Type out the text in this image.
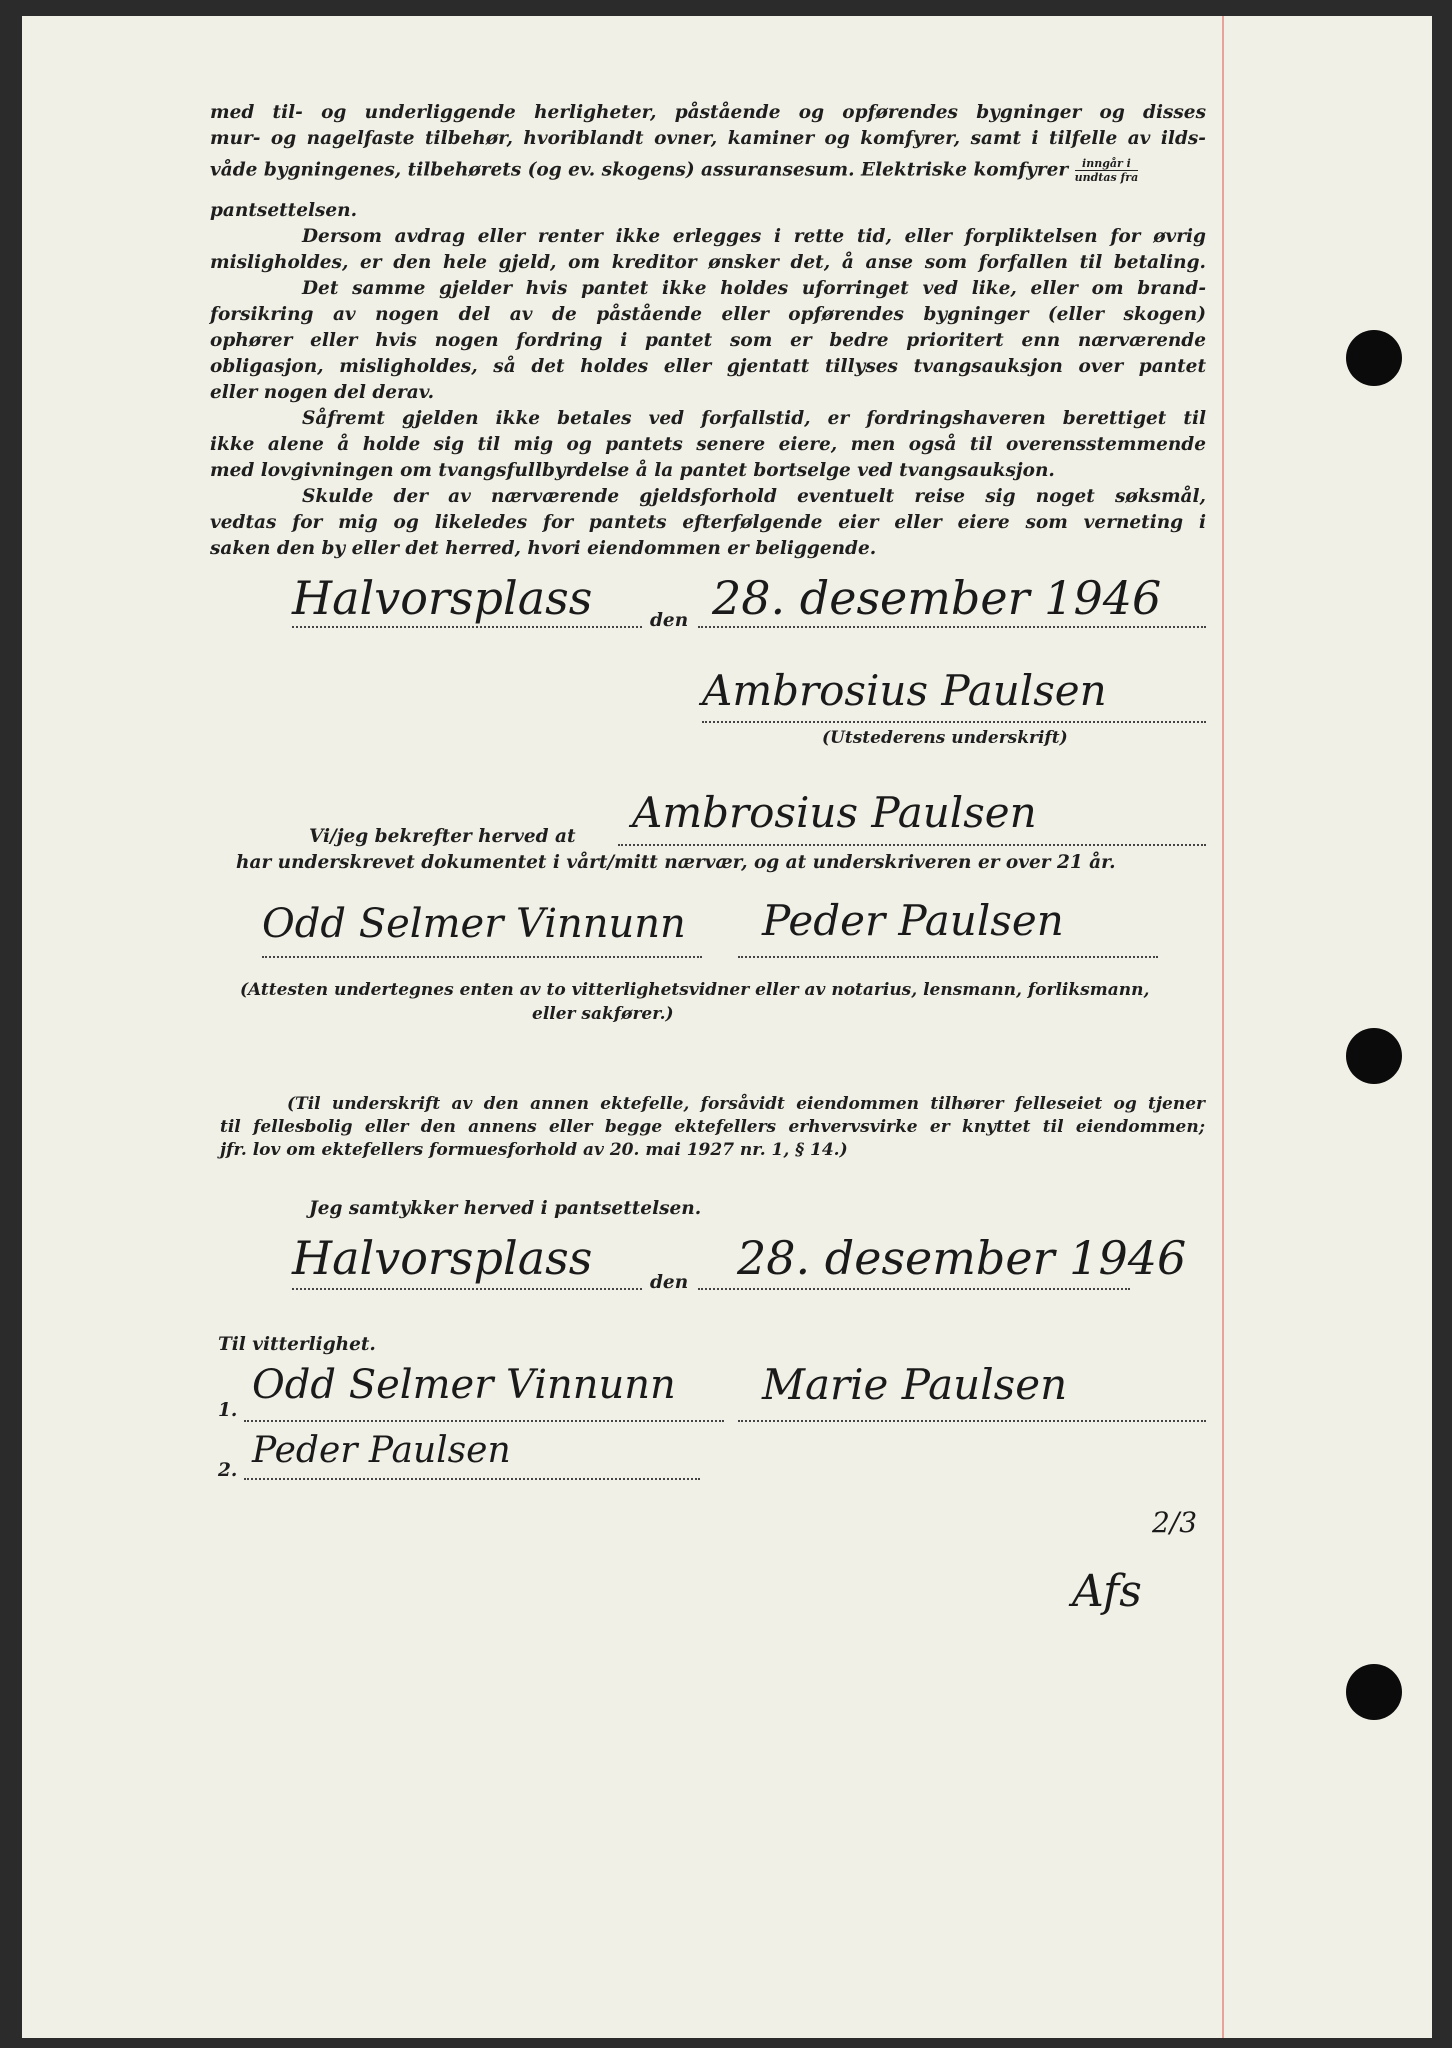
med til- og underliggende herligheter, påstående og opførendes bygninger og disses
mur- og nagelfaste tilbehør, hvoriblandt ovner, kaminer og komfyrer, samt i tilfelle av ilds-
våde bygningenes, tilbehørets (og ev. skogens) assuransesum. Elektriske komfyrer $\frac{\text{inngår i}}{\text{undtas fra}}$
pantsettelsen.
Dersom avdrag eller renter ikke erlegges i rette tid, eller forpliktelsen for øvrig
misligholdes, er den hele gjeld, om kreditor ønsker det, å anse som forfallen til betaling.
Det samme gjelder hvis pantet ikke holdes uforringet ved like, eller om brand-
forsikring av nogen del av de påstående eller opførendes bygninger (eller skogen)
ophører eller hvis nogen fordring i pantet som er bedre prioritert enn nærværende
obligasjon, misligholdes, så det holdes eller gjentatt tillyses tvangsauksjon over pantet
eller nogen del derav.
Såfremt gjelden ikke betales ved forfallstid, er fordringshaveren berettiget til
ikke alene å holde sig til mig og pantets senere eiere, men også til overensstemmende
med lovgivningen om tvangsfullbyrdelse å la pantet bortselge ved tvangsauksjon.
Skulde der av nærværende gjeldsforhold eventuelt reise sig noget søksmål,
vedtas for mig og likeledes for pantets efterfølgende eier eller eiere som verneting i
saken den by eller det herred, hvori eiendommen er beliggende.
Halvorsplass	den 28. desember 1946
Ambrosius Paulsen
(Utstederens underskrift)
Vi/jeg bekrefter herved at Ambrosius Paulsen
har underskrevet dokumentet i vårt/mitt nærvær, og at underskriveren er over 21 år.
Odd Selmer Vinnunn Peder Paulsen
(Attesten undertegnes enten av to vitterlighetsvidner eller av notarius, lensmann, forliksmann,
eller sakfører.)
(Til underskrift av den annen ektefelle, forsåvidt eiendommen tilhører felleseiet og tjener
til fellesbolig eller den annens eller begge ektefellers erhvervsvirke er knyttet til eiendommen;
jfr. lov om ektefellers formuesforhold av 20. mai 1927 nr. 1, § 14.)
Jeg samtykker herved i pantsettelsen.
Halvorsplass	den 28. desember 1946
Til vitterlighet.
1.
Odd Selmer Vinnunn Marie Paulsen
2. Peder Paulsen
Afs
2/3
